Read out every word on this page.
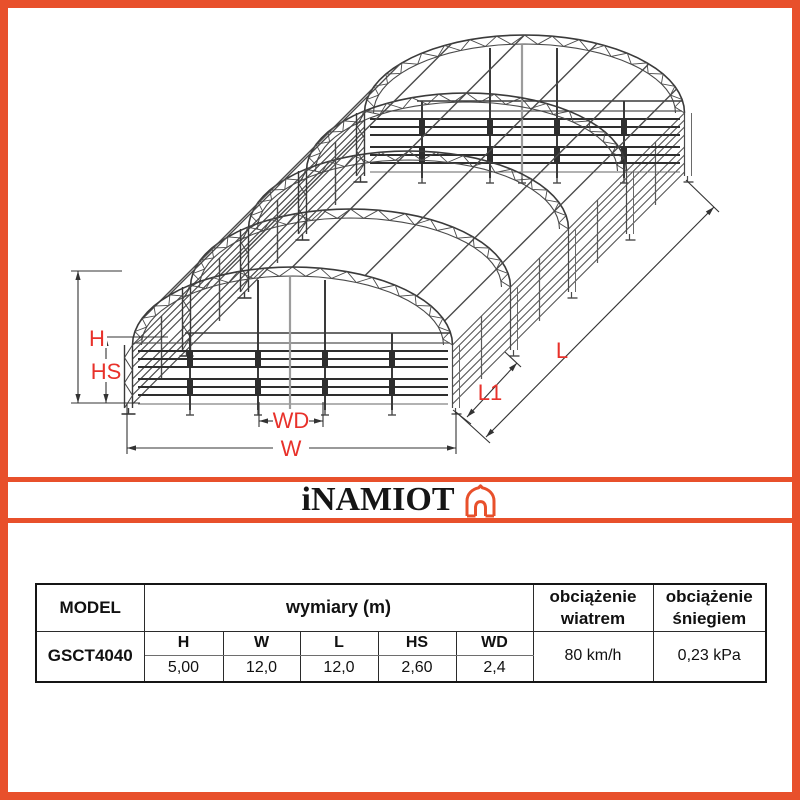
H
HS
W
WD
L1
L
iNAMIOT
MODEL	wymiary (m)					obciążenie wiatrem	obciążenie śniegiem
GSCT4040	H	W	L	HS	WD	80 km/h	0,23 kPa
	5,00	12,0	12,0	2,60	2,4		
